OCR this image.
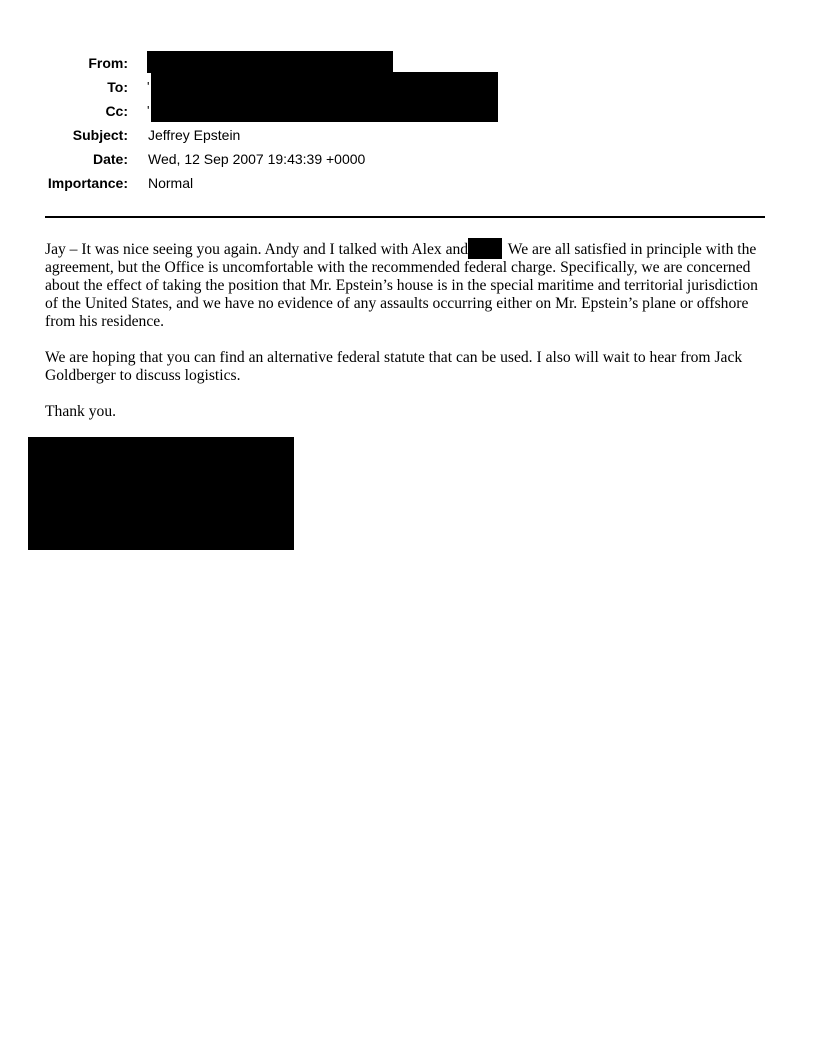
From:
To: '
Cc: '
Subject: Jeffrey Epstein
Date: Wed, 12 Sep 2007 19:43:39 +0000
Importance: Normal

Jay – It was nice seeing you again. Andy and I talked with Alex and We are all satisfied in principle with the agreement, but the Office is uncomfortable with the recommended federal charge. Specifically, we are concerned about the effect of taking the position that Mr. Epstein’s house is in the special maritime and territorial jurisdiction of the United States, and we have no evidence of any assaults occurring either on Mr. Epstein’s plane or offshore from his residence.

We are hoping that you can find an alternative federal statute that can be used. I also will wait to hear from Jack Goldberger to discuss logistics.

Thank you.
